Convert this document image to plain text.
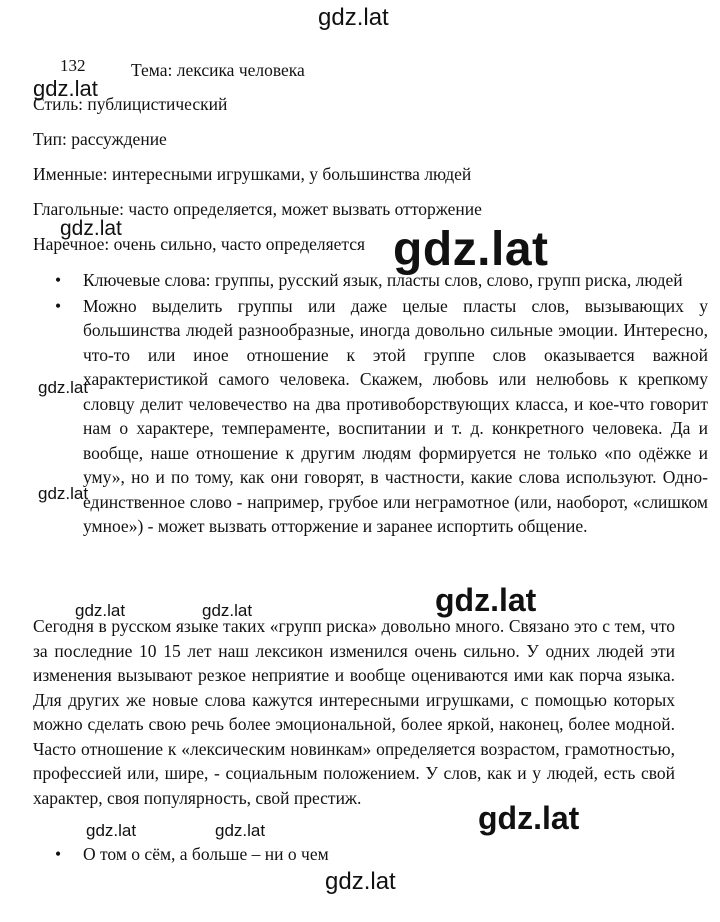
gdz.lat
132	Тема: лексика человека
gdz.lat
Стиль: публицистический
Тип: рассуждение
Именные: интересными игрушками, у большинства людей
Глагольные: часто определяется, может вызвать отторжение
gdz.lat
Наречное: очень сильно, часто определяется gdz.lat
• Ключевые слова: группы, русский язык, пласты слов, слово, групп риска, людей
• Можно выделить группы или даже целые пласты слов, вызывающих у большинства людей разнообразные, иногда довольно сильные эмоции. Интересно, что-то или иное отношение к этой группе слов оказывается важной характеристикой самого человека. Скажем, любовь или нелюбовь к крепкому словцу делит человечество на два противоборствующих класса, и кое-что говорит нам о характере, темпераменте, воспитании и т. д. конкретного человека. Да и вообще, наше отношение к другим людям формируется не только «по одёжке и уму», но и по тому, как они говорят, в частности, какие слова используют. Одно-единственное слово - например, грубое или неграмотное (или, наоборот, «слишком умное») - может вызвать отторжение и заранее испортить общение.
gdz.lat
gdz.lat
gdz.lat
gdz.lat	gdz.lat
Сегодня в русском языке таких «групп риска» довольно много. Связано это с тем, что за последние 10 15 лет наш лексикон изменился очень сильно. У одних людей эти изменения вызывают резкое неприятие и вообще оцениваются ими как порча языка. Для других же новые слова кажутся интересными игрушками, с помощью которых можно сделать свою речь более эмоциональной, более яркой, наконец, более модной. Часто отношение к «лексическим новинкам» определяется возрастом, грамотностью, профессией или, шире, - социальным положением. У слов, как и у людей, есть свой характер, своя популярность, свой престиж.
gdz.lat
gdz.lat	gdz.lat
• О том о сём, а больше – ни о чем
gdz.lat
